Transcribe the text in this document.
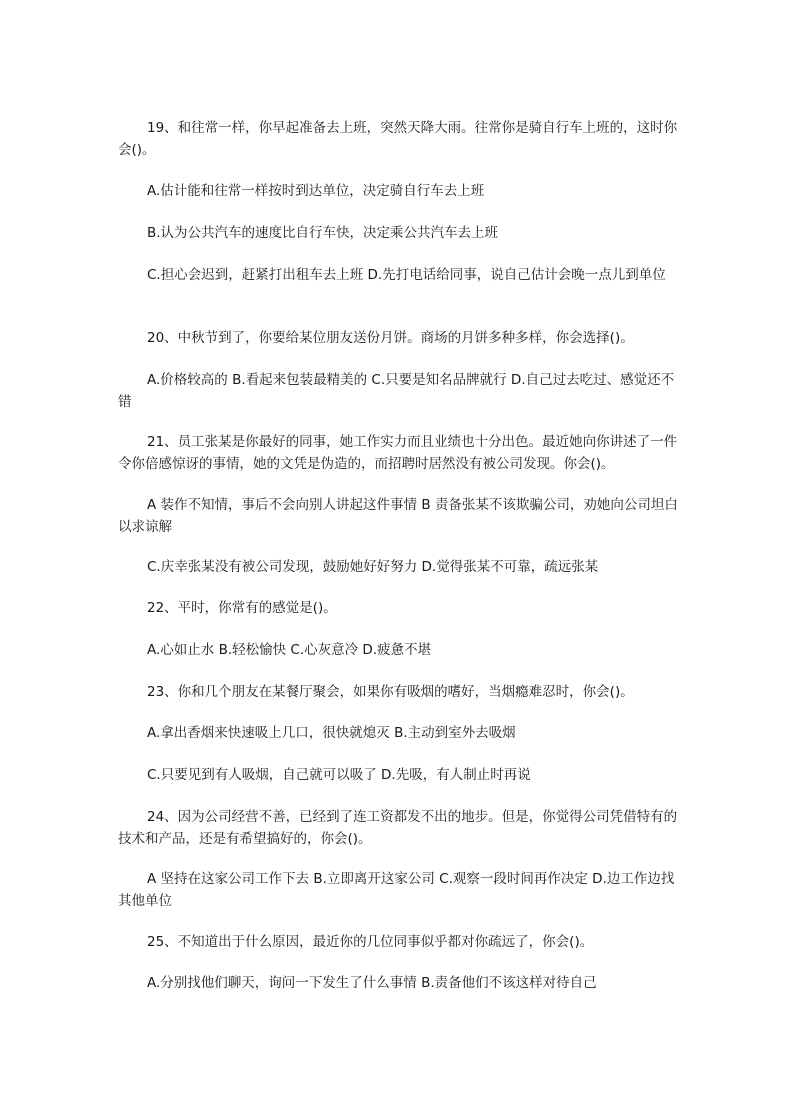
19、和往常一样，你早起准备去上班，突然天降大雨。往常你是骑自行车上班的，这时你会()。

A.估计能和往常一样按时到达单位，决定骑自行车去上班

B.认为公共汽车的速度比自行车快，决定乘公共汽车去上班

C.担心会迟到，赶紧打出租车去上班 D.先打电话给同事，说自己估计会晚一点儿到单位

20、中秋节到了，你要给某位朋友送份月饼。商场的月饼多种多样，你会选择()。

A.价格较高的 B.看起来包装最精美的 C.只要是知名品牌就行 D.自己过去吃过、感觉还不错

21、员工张某是你最好的同事，她工作实力而且业绩也十分出色。最近她向你讲述了一件令你倍感惊讶的事情，她的文凭是伪造的，而招聘时居然没有被公司发现。你会()。

A 装作不知情，事后不会向别人讲起这件事情 B 责备张某不该欺骗公司，劝她向公司坦白以求谅解

C.庆幸张某没有被公司发现，鼓励她好好努力 D.觉得张某不可靠，疏远张某

22、平时，你常有的感觉是()。

A.心如止水 B.轻松愉快 C.心灰意冷 D.疲惫不堪

23、你和几个朋友在某餐厅聚会，如果你有吸烟的嗜好，当烟瘾难忍时，你会()。

A.拿出香烟来快速吸上几口，很快就熄灭 B.主动到室外去吸烟

C.只要见到有人吸烟，自己就可以吸了 D.先吸，有人制止时再说

24、因为公司经营不善，已经到了连工资都发不出的地步。但是，你觉得公司凭借特有的技术和产品，还是有希望搞好的，你会()。

A 坚持在这家公司工作下去 B.立即离开这家公司 C.观察一段时间再作决定 D.边工作边找其他单位

25、不知道出于什么原因，最近你的几位同事似乎都对你疏远了，你会()。

A.分别找他们聊天，询问一下发生了什么事情 B.责备他们不该这样对待自己
